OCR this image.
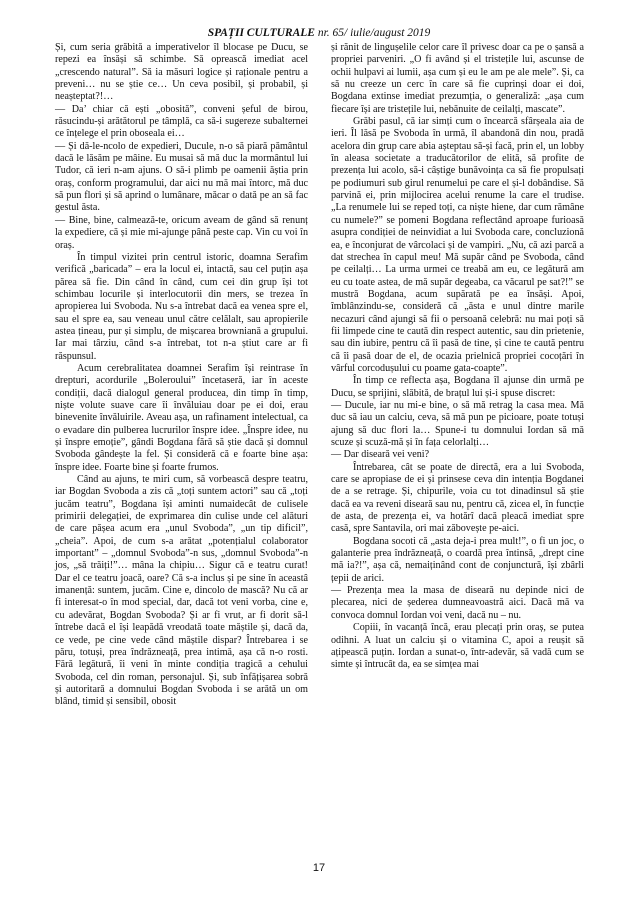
SPAȚII CULTURALE nr. 65/ iulie/august 2019

Și, cum seria grăbită a imperativelor îl blocase pe Ducu, se repezi ea însăși să schimbe. Să oprească imediat acel „crescendo natural”. Să ia măsuri logice și raționale pentru a preveni… nu se știe ce… Un ceva posibil, și probabil, și neașteptat?!…

— Da’ chiar că ești „obosită”, conveni șeful de birou, răsucindu-și arătătorul pe tâmplă, ca să-i sugereze subalternei ce înțelege el prin oboseala ei…

— Și dă-le-ncolo de expedieri, Ducule, n-o să piară pământul dacă le lăsăm pe mâine. Eu musai să mă duc la mormântul lui Tudor, că ieri n-am ajuns. O să-i plimb pe oamenii ăștia prin oraș, conform programului, dar aici nu mă mai întorc, mă duc să pun flori și să aprind o lumânare, măcar o dată pe an să fac gestul ăsta.

— Bine, bine, calmează-te, oricum aveam de gând să renunț la expediere, că și mie mi-ajunge până peste cap. Vin cu voi în oraș.

În timpul vizitei prin centrul istoric, doamna Serafim verifică „baricada” – era la locul ei, intactă, sau cel puțin așa părea să fie. Din când în când, cum cei din grup își tot schimbau locurile și interlocutorii din mers, se trezea în apropierea lui Svoboda. Nu s-a întrebat dacă ea venea spre el, sau el spre ea, sau veneau unul către celălalt, sau apropierile astea țineau, pur și simplu, de mișcarea browniană a grupului. Iar mai târziu, când s-a întrebat, tot n-a știut care ar fi răspunsul.

Acum cerebralitatea doamnei Serafim își reintrase în drepturi, acordurile „Boleroului” încetaseră, iar în aceste condiții, dacă dialogul general producea, din timp în timp, niște volute suave care îi învăluiau doar pe ei doi, erau binevenite învăluirile. Aveau așa, un rafinament intelectual, ca o evadare din pulberea lucrurilor înspre idee. „Înspre idee, nu și înspre emoție”, gândi Bogdana fără să știe dacă și domnul Svoboda gândește la fel. Și consideră că e foarte bine așa: înspre idee. Foarte bine și foarte frumos.

Când au ajuns, te miri cum, să vorbească despre teatru, iar Bogdan Svoboda a zis că „toți suntem actori” sau că „toți jucăm teatru”, Bogdana își aminti numaidecât de culisele primirii delegației, de exprimarea din culise unde cel alături de care pășea acum era „unul Svoboda”, „un tip dificil”, „cheia”. Apoi, de cum s-a arătat „potențialul colaborator important” – „domnul Svoboda”-n sus, „domnul Svoboda”-n jos, „să trăiți!”… mâna la chipiu… Sigur că e teatru curat! Dar el ce teatru joacă, oare? Că s-a inclus și pe sine în aceastâ imanență: suntem, jucăm. Cine e, dincolo de mască? Nu că ar fi interesat-o în mod special, dar, dacă tot veni vorba, cine e, cu adevărat, Bogdan Svoboda? Și ar fi vrut, ar fi dorit să-l întrebe dacă el își leapădă vreodată toate măștile și, dacă da, ce vede, pe cine vede când măștile dispar? Întrebarea i se păru, totuși, prea îndrăzneață, prea intimă, așa că n-o rosti. Fără legătură, îi veni în minte condiția tragică a cehului Svoboda, cel din roman, personajul. Și, sub înfățișarea sobră și autoritară a domnului Bogdan Svoboda i se arătă un om blând, timid și sensibil, obosit

și rănit de lingușelile celor care îl privesc doar ca pe o șansă a propriei parveniri. „O fi având și el tristețile lui, ascunse de ochii hulpavi ai lumii, așa cum și eu le am pe ale mele”. Și, ca să nu creeze un cerc în care să fie cuprinși doar ei doi, Bogdana extinse imediat prezumția, o generaliză: „așa cum fiecare își are tristețile lui, nebănuite de ceilalți, mascate”.

Grăbi pasul, că iar simți cum o încearcă sfârșeala aia de ieri. Îl lăsă pe Svoboda în urmă, îl abandonă din nou, pradă acelora din grup care abia așteptau să-și facă, prin el, un lobby în aleasa societate a traducătorilor de elită, să profite de prezența lui acolo, să-i câștige bunăvoința ca să fie propulsați pe podiumuri sub girul renumelui pe care el și-l dobândise. Să parvină ei, prin mijlocirea acelui renume la care el trudise. „La renumele lui se reped toți, ca niște hiene, dar cum rămâne cu numele?” se pomeni Bogdana reflectând aproape furioasă asupra condiției de neinvidiat a lui Svoboda care, concluzionă ea, e înconjurat de vârcolaci și de vampiri. „Nu, că azi parcă a dat strechea în capul meu! Mă supăr când pe Svoboda, când pe ceilalți… La urma urmei ce treabă am eu, ce legătură am eu cu toate astea, de mă supăr degeaba, ca văcarul pe sat?!” se mustră Bogdana, acum supărată pe ea însăși. Apoi, îmblânzindu-se, consideră că „ăsta e unul dintre marile necazuri când ajungi să fii o persoană celebră: nu mai poți să fii limpede cine te caută din respect autentic, sau din prietenie, sau din iubire, pentru că îi pasă de tine, și cine te caută pentru că îi pasă doar de el, de ocazia prielnică propriei cocoțări în vârful corcodușului cu poame gata-coapte”.

În timp ce reflecta așa, Bogdana îl ajunse din urmă pe Ducu, se sprijini, slăbită, de brațul lui și-i spuse discret:

— Ducule, iar nu mi-e bine, o să mă retrag la casa mea. Mă duc să iau un calciu, ceva, să mă pun pe picioare, poate totuși ajung să duc flori la… Spune-i tu domnului Iordan să mă scuze și scuză-mă și în fața celorlalți…

— Dar diseară vei veni?

Întrebarea, cât se poate de directă, era a lui Svoboda, care se apropiase de ei și prinsese ceva din intenția Bogdanei de a se retrage. Și, chipurile, voia cu tot dinadinsul să știe dacă ea va reveni diseară sau nu, pentru că, zicea el, în funcție de asta, de prezența ei, va hotărî dacă pleacă imediat spre casă, spre Santavila, ori mai zăbovește pe-aici.

Bogdana socoti că „asta deja-i prea mult!”, o fi un joc, o galanterie prea îndrăzneață, o coardă prea întinsă, „drept cine mă ia?!”, așa că, nemaiținând cont de conjunctură, își zbârli țepii de arici.

— Prezența mea la masa de diseară nu depinde nici de plecarea, nici de șederea dumneavoastră aici. Dacă mă va convoca domnul Iordan voi veni, dacă nu – nu.

Copiii, în vacanță încă, erau plecați prin oraș, se putea odihni. A luat un calciu și o vitamina C, apoi a reușit să ațipească puțin. Iordan a sunat-o, într-adevăr, să vadă cum se simte și întrucât da, ea se simțea mai

17
